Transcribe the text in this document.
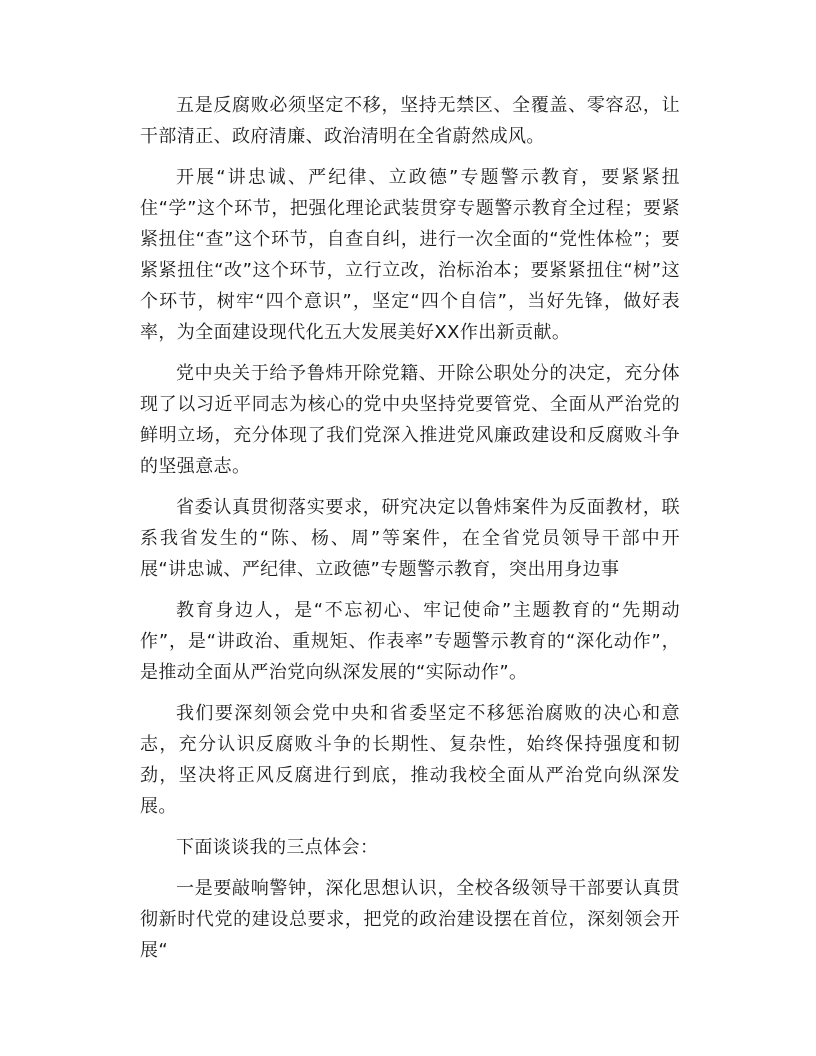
五是反腐败必须坚定不移，坚持无禁区、全覆盖、零容忍，让干部清正、政府清廉、政治清明在全省蔚然成风。

开展“讲忠诚、严纪律、立政德”专题警示教育，要紧紧扭住“学”这个环节，把强化理论武装贯穿专题警示教育全过程；要紧紧扭住“查”这个环节，自查自纠，进行一次全面的“党性体检”；要紧紧扭住“改”这个环节，立行立改，治标治本；要紧紧扭住“树”这个环节，树牢“四个意识”，坚定“四个自信”，当好先锋，做好表率，为全面建设现代化五大发展美好XX作出新贡献。

党中央关于给予鲁炜开除党籍、开除公职处分的决定，充分体现了以习近平同志为核心的党中央坚持党要管党、全面从严治党的鲜明立场，充分体现了我们党深入推进党风廉政建设和反腐败斗争的坚强意志。

省委认真贯彻落实要求，研究决定以鲁炜案件为反面教材，联系我省发生的“陈、杨、周”等案件，在全省党员领导干部中开展“讲忠诚、严纪律、立政德”专题警示教育，突出用身边事

教育身边人，是“不忘初心、牢记使命”主题教育的“先期动作”，是“讲政治、重规矩、作表率”专题警示教育的“深化动作”，是推动全面从严治党向纵深发展的“实际动作”。

我们要深刻领会党中央和省委坚定不移惩治腐败的决心和意志，充分认识反腐败斗争的长期性、复杂性，始终保持强度和韧劲，坚决将正风反腐进行到底，推动我校全面从严治党向纵深发展。

下面谈谈我的三点体会：

一是要敲响警钟，深化思想认识，全校各级领导干部要认真贯彻新时代党的建设总要求，把党的政治建设摆在首位，深刻领会开展“
